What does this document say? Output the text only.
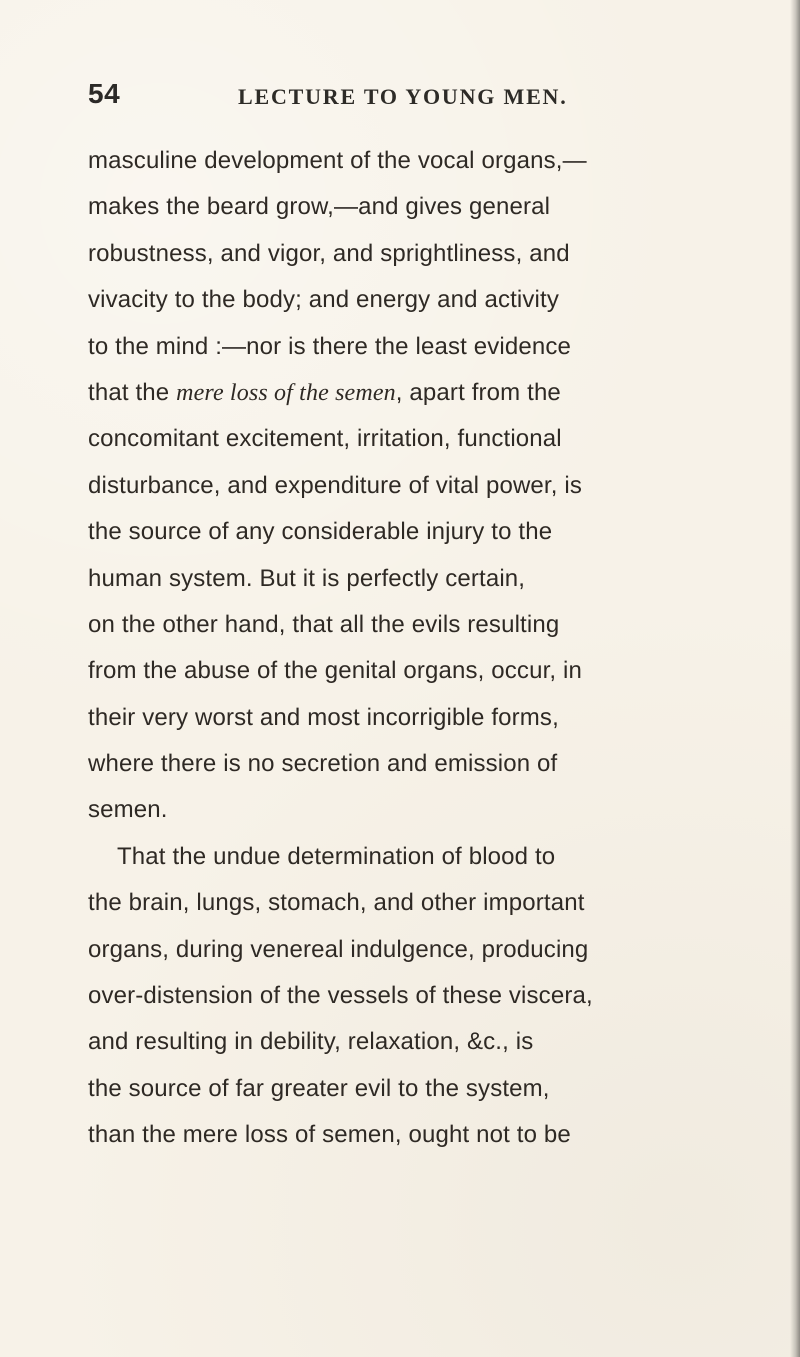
54	LECTURE TO YOUNG MEN.
masculine development of the vocal organs,—
makes the beard grow,—and gives general
robustness, and vigor, and sprightliness, and
vivacity to the body; and energy and activity
to the mind :—nor is there the least evidence
that the mere loss of the semen, apart from the
concomitant excitement, irritation, functional
disturbance, and expenditure of vital power, is
the source of any considerable injury to the
human system. But it is perfectly certain,
on the other hand, that all the evils resulting
from the abuse of the genital organs, occur, in
their very worst and most incorrigible forms,
where there is no secretion and emission of
semen.
That the undue determination of blood to
the brain, lungs, stomach, and other important
organs, during venereal indulgence, producing
over-distension of the vessels of these viscera,
and resulting in debility, relaxation, &c., is
the source of far greater evil to the system,
than the mere loss of semen, ought not to be
